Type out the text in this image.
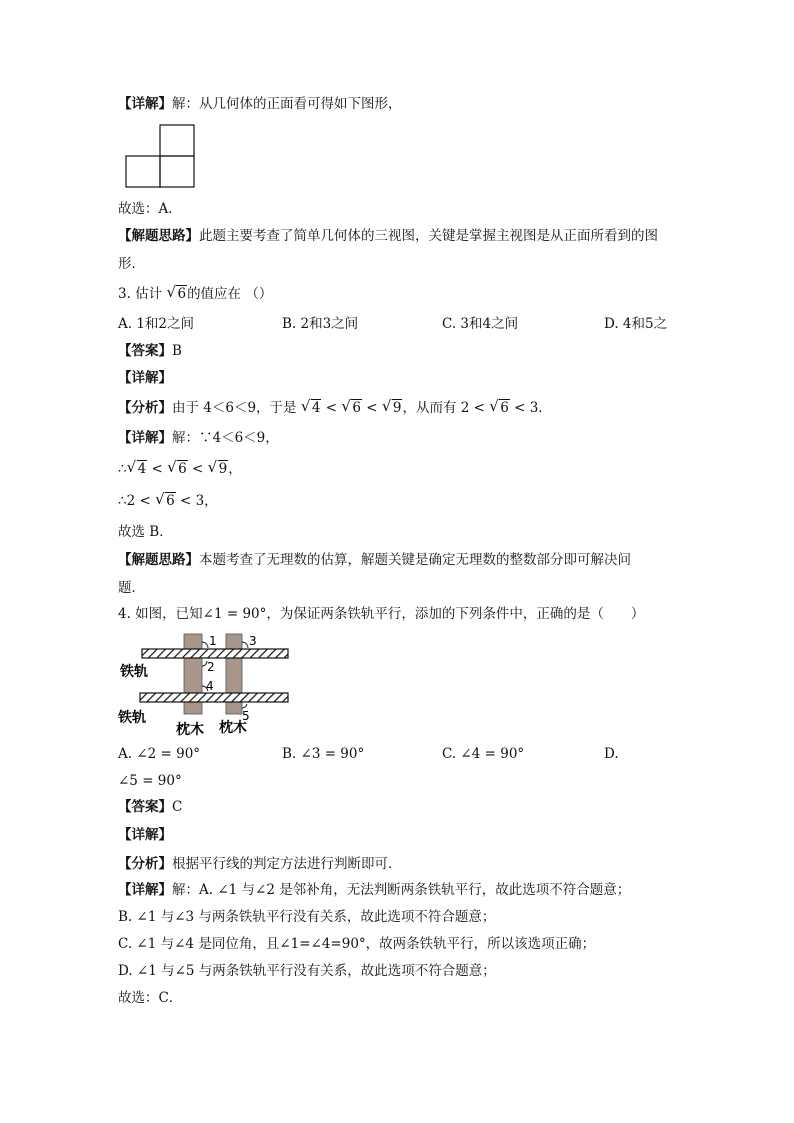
【详解】解：从几何体的正面看可得如下图形，
故选：A．
【解题思路】此题主要考查了简单几何体的三视图，关键是掌握主视图是从正面所看到的图
形．
3. 估计 √ 6的值应在 （）
A. 1和2之间	B. 2和3之间	C. 3和4之间	D. 4和5之
【答案】B
【详解】
【分析】由于 4＜6＜9，于是 √ 4 < √ 6 < √ 9，从而有 2 < √ 6 < 3．
【详解】解：∵4＜6＜9，
∴ √ 4 < √ 6 < √ 9，
∴2 < √ 6 < 3，
故选 B．
【解题思路】本题考查了无理数的估算，解题关键是确定无理数的整数部分即可解决问
题．
4. 如图，已知∠1 = 90°，为保证两条铁轨平行，添加的下列条件中，正确的是（　　）
1	3
2
4
5
铁轨
铁轨
枕木 枕木
A. ∠2 = 90°	B. ∠3 = 90°	C. ∠4 = 90°	D.
∠5 = 90°
【答案】C
【详解】
【分析】根据平行线的判定方法进行判断即可．
【详解】解：A. ∠1 与∠2 是邻补角，无法判断两条铁轨平行，故此选项不符合题意；
B. ∠1 与∠3 与两条铁轨平行没有关系，故此选项不符合题意；
C. ∠1 与∠4 是同位角，且∠1=∠4=90°，故两条铁轨平行，所以该选项正确；
D. ∠1 与∠5 与两条铁轨平行没有关系，故此选项不符合题意；
故选：C．
